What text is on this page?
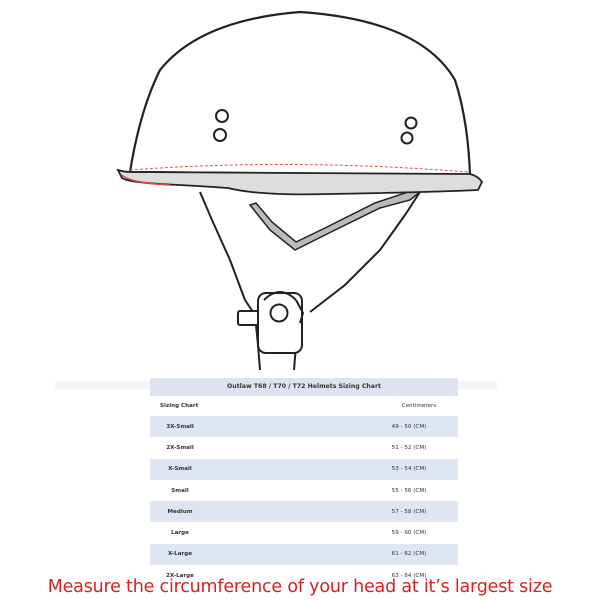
Outlaw T68 / T70 / T72 Helmets Sizing Chart
Sizing Chart	Centimeters
3X-Small	49 - 50 (CM)
2X-Small	51 - 52 (CM)
X-Small	53 - 54 (CM)
Small	55 - 56 (CM)
Medium	57 - 58 (CM)
Large	59 - 60 (CM)
X-Large	61 - 62 (CM)
2X-Large	63 - 64 (CM)
Measure the circumference of your head at it’s largest size
